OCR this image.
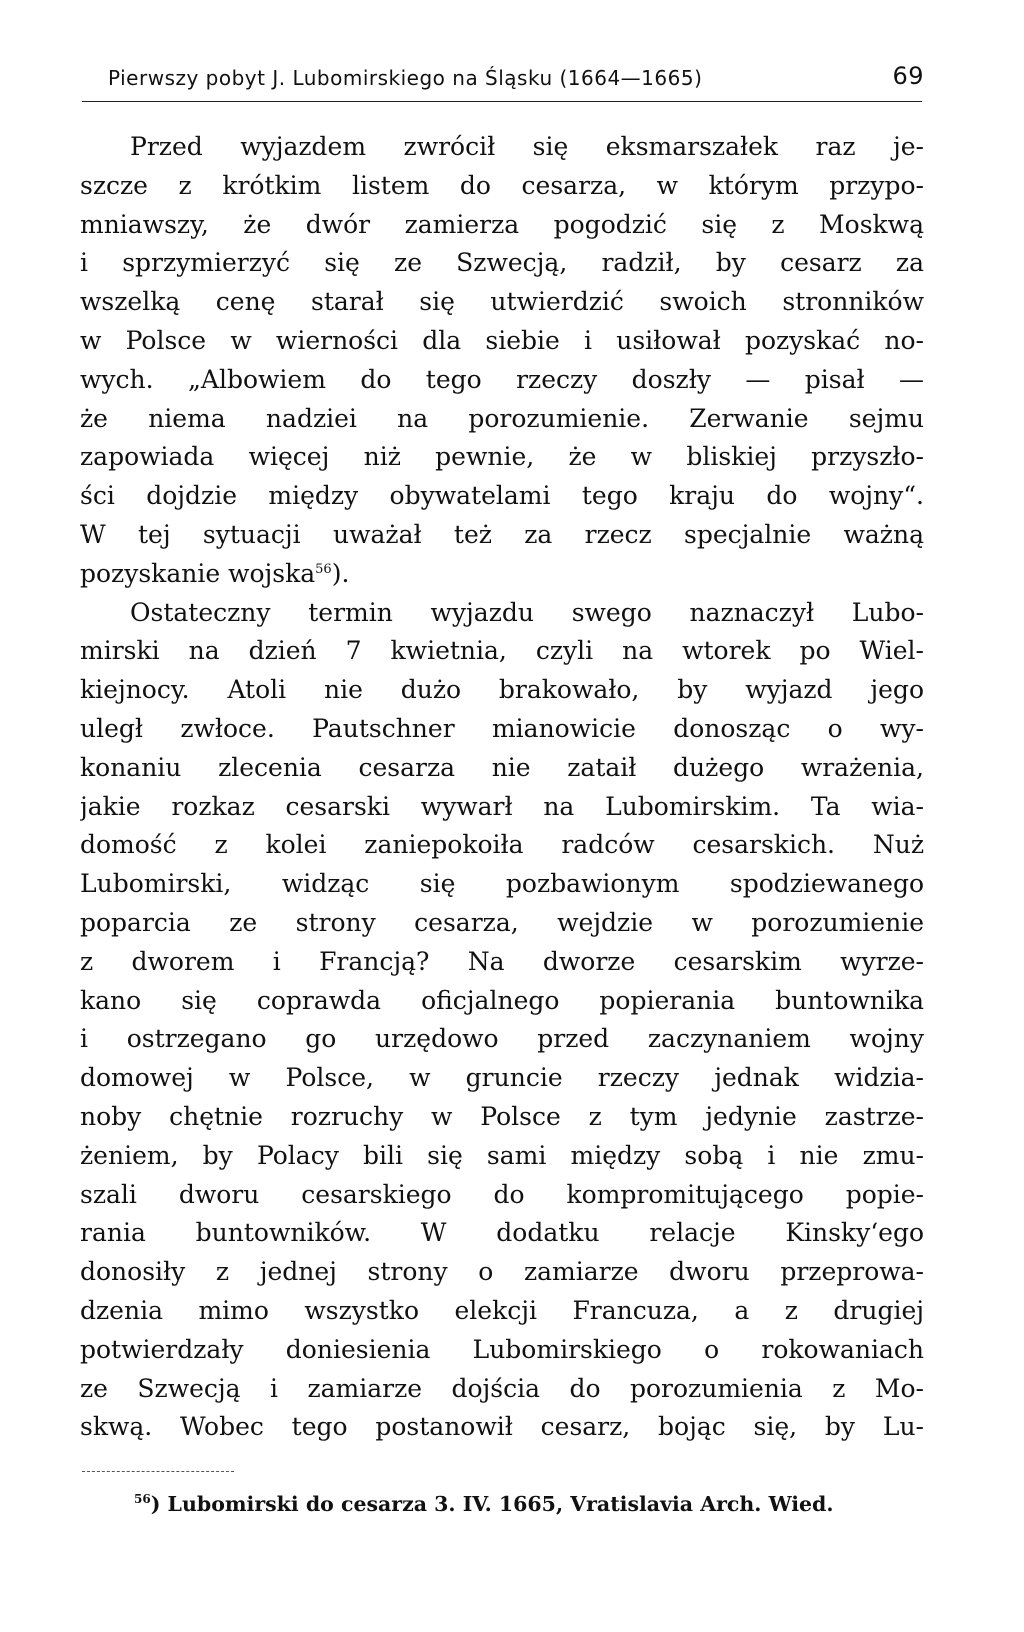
Pierwszy pobyt J. Lubomirskiego na Śląsku (1664—1665)	69
Przed wyjazdem zwrócił się eksmarszałek raz je-
szcze z krótkim listem do cesarza, w którym przypo-
mniawszy, że dwór zamierza pogodzić się z Moskwą
i sprzymierzyć się ze Szwecją, radził, by cesarz za
wszelką cenę starał się utwierdzić swoich stronników
w Polsce w wierności dla siebie i usiłował pozyskać no-
wych. „Albowiem do tego rzeczy doszły — pisał —
że niema nadziei na porozumienie. Zerwanie sejmu
zapowiada więcej niż pewnie, że w bliskiej przyszło-
ści dojdzie między obywatelami tego kraju do wojny“.
W tej sytuacji uważał też za rzecz specjalnie ważną
pozyskanie wojska$^{56}$).
Ostateczny termin wyjazdu swego naznaczył Lubo-
mirski na dzień 7 kwietnia, czyli na wtorek po Wiel-
kiejnocy. Atoli nie dużo brakowało, by wyjazd jego
uległ zwłoce. Pautschner mianowicie donosząc o wy-
konaniu zlecenia cesarza nie zataił dużego wrażenia,
jakie rozkaz cesarski wywarł na Lubomirskim. Ta wia-
domość z kolei zaniepokoiła radców cesarskich. Nuż
Lubomirski, widząc się pozbawionym spodziewanego
poparcia ze strony cesarza, wejdzie w porozumienie
z dworem i Francją? Na dworze cesarskim wyrze-
kano się coprawda oficjalnego popierania buntownika
i ostrzegano go urzędowo przed zaczynaniem wojny
domowej w Polsce, w gruncie rzeczy jednak widzia-
noby chętnie rozruchy w Polsce z tym jedynie zastrze-
żeniem, by Polacy bili się sami między sobą i nie zmu-
szali dworu cesarskiego do kompromitującego popie-
rania buntowników. W dodatku relacje Kinsky‘ego
donosiły z jednej strony o zamiarze dworu przeprowa-
dzenia mimo wszystko elekcji Francuza, a z drugiej
potwierdzały doniesienia Lubomirskiego o rokowaniach
ze Szwecją i zamiarze dojścia do porozumienia z Mo-
skwą. Wobec tego postanowił cesarz, bojąc się, by Lu-
$^{56}$) Lubomirski do cesarza 3. IV. 1665, Vratislavia Arch. Wied.
